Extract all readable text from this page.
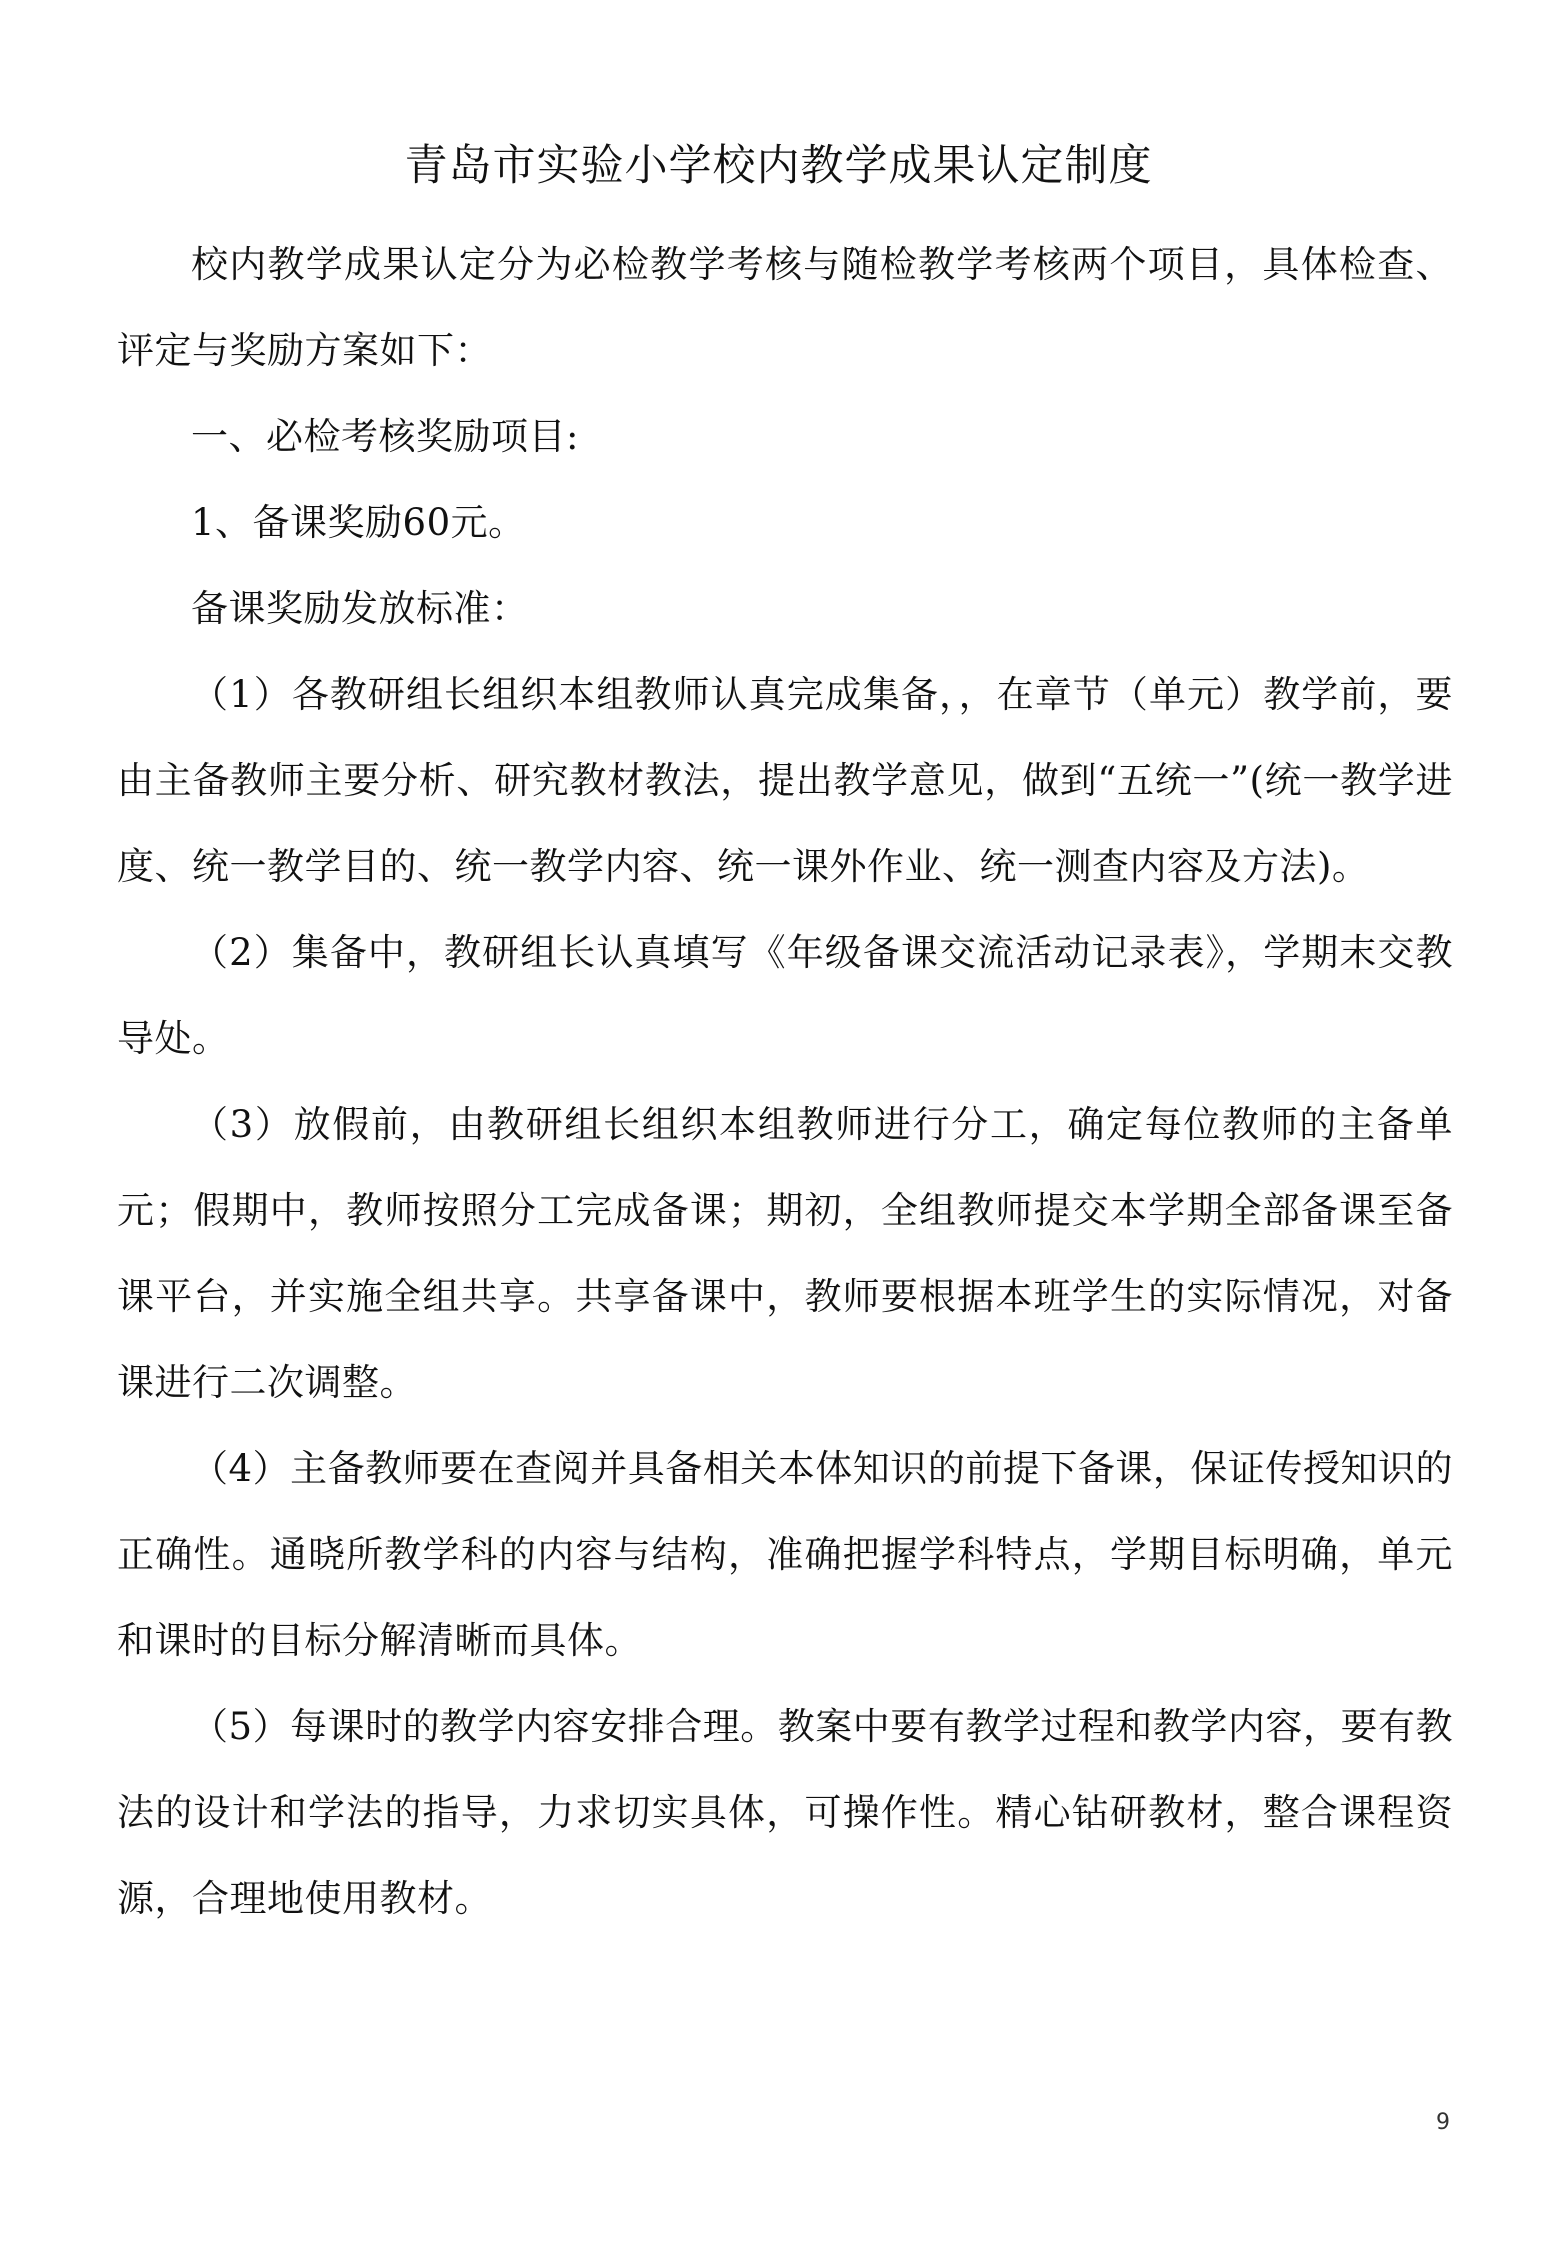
青岛市实验小学校内教学成果认定制度

校内教学成果认定分为必检教学考核与随检教学考核两个项目，具体检查、评定与奖励方案如下：

一、必检考核奖励项目:

1、备课奖励60元。

备课奖励发放标准：

（1）各教研组长组织本组教师认真完成集备，，在章节（单元）教学前，要由主备教师主要分析、研究教材教法，提出教学意见，做到“五统一”(统一教学进度、统一教学目的、统一教学内容、统一课外作业、统一测查内容及方法)。

（2）集备中，教研组长认真填写《年级备课交流活动记录表》，学期末交教导处。

（3）放假前，由教研组长组织本组教师进行分工，确定每位教师的主备单元；假期中，教师按照分工完成备课；期初，全组教师提交本学期全部备课至备课平台，并实施全组共享。共享备课中，教师要根据本班学生的实际情况，对备课进行二次调整。

（4）主备教师要在查阅并具备相关本体知识的前提下备课，保证传授知识的正确性。通晓所教学科的内容与结构，准确把握学科特点，学期目标明确，单元和课时的目标分解清晰而具体。

（5）每课时的教学内容安排合理。教案中要有教学过程和教学内容，要有教法的设计和学法的指导，力求切实具体，可操作性。精心钻研教材，整合课程资源，合理地使用教材。

9
